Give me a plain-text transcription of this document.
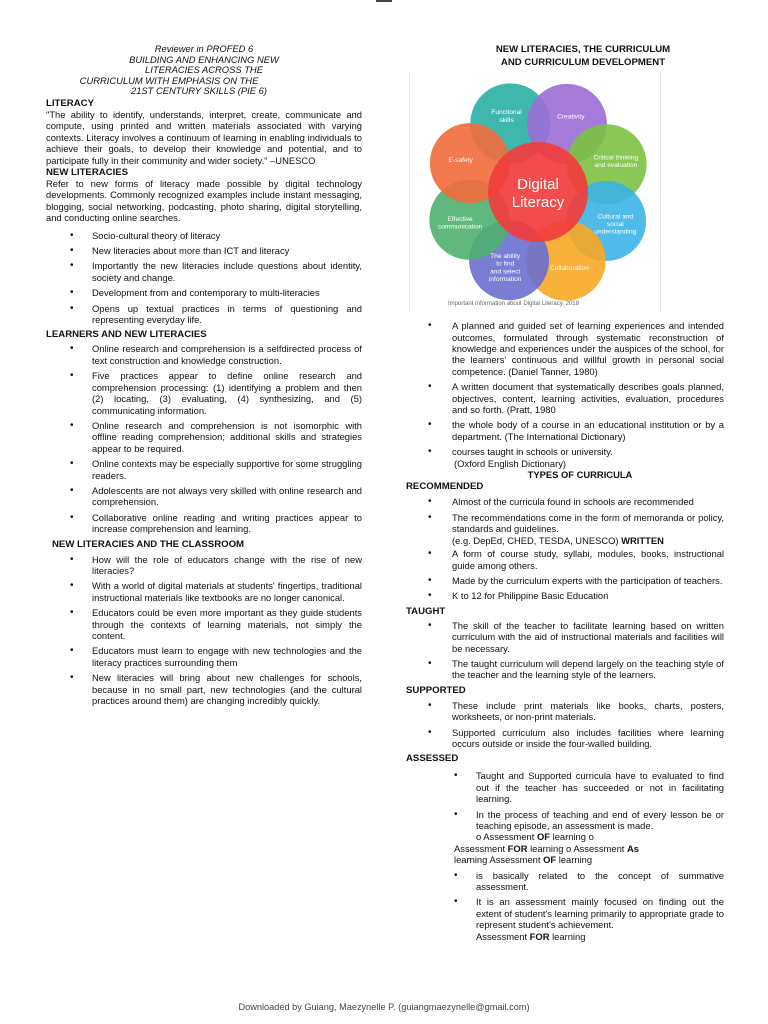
Reviewer in PROFED 6
BUILDING AND ENHANCING NEW
LITERACIES ACROSS THE
CURRICULUM WITH EMPHASIS ON THE
21ST CENTURY SKILLS (PIE 6)
LITERACY
"The ability to identify, understands, interpret, create, communicate and compute, using printed and written materials associated with varying contexts. Literacy involves a continuum of learning in enabling individuals to achieve their goals, to develop their knowledge and potential, and to participate fully in their community and wider society." –UNESCO
NEW LITERACIES
Refer to new forms of literacy made possible by digital technology developments. Commonly recognized examples include instant messaging, blogging, social networking, podcasting, photo sharing, digital storytelling, and conducting online searches.
• Socio-cultural theory of literacy
• New literacies about more than ICT and literacy
• Importantly the new literacies include questions about identity, society and change.
• Development from and contemporary to multi-literacies
• Opens up textual practices in terms of questioning and representing everyday life.
LEARNERS AND NEW LITERACIES
• Online research and comprehension is a selfdirected process of text construction and knowledge construction.
• Five practices appear to define online research and comprehension processing: (1) identifying a problem and then (2) locating, (3) evaluating, (4) synthesizing, and (5) communicating information.
• Online research and comprehension is not isomorphic with offline reading comprehension; additional skills and strategies appear to be required.
• Online contexts may be especially supportive for some struggling readers.
• Adolescents are not always very skilled with online research and comprehension.
• Collaborative online reading and writing practices appear to increase comprehension and learning.
NEW LITERACIES AND THE CLASSROOM
• How will the role of educators change with the rise of new literacies?
• With a world of digital materials at students' fingertips, traditional instructional materials like textbooks are no longer canonical.
• Educators could be even more important as they guide students through the contexts of learning materials, not simply the content.
• Educators must learn to engage with new technologies and the literacy practices surrounding them
• New literacies will bring about new challenges for schools, because in no small part, new technologies (and the cultural practices around them) are changing incredibly quickly.
NEW LITERACIES, THE CURRICULUM
AND CURRICULUM DEVELOPMENT
Functional skills	Creativity
Critical thinking and evaluation
Cultural and social understanding
Collaboration
The ability to find and select information
Effective communication
E-safety
Digital Literacy
Important Information about Digital Literacy, 2018
• A planned and guided set of learning experiences and intended outcomes, formulated through systematic reconstruction of knowledge and experiences under the auspices of the school, for the learners' continuous and willful growth in personal social competence. (Daniel Tanner, 1980)
• A written document that systematically describes goals planned, objectives, content, learning activities, evaluation, procedures and so forth. (Pratt, 1980
• the whole body of a course in an educational institution or by a department. (The International Dictionary)
• courses taught in schools or university.
(Oxford English Dictionary)
TYPES OF CURRICULA
RECOMMENDED
• Almost of the curricula found in schools are recommended
• The recommendations come in the form of memoranda or policy, standards and guidelines.
(e.g. DepEd, CHED, TESDA, UNESCO) WRITTEN
• A form of course study, syllabi, modules, books, instructional guide among others.
• Made by the curriculum experts with the participation of teachers.
• K to 12 for Philippine Basic Education
TAUGHT
• The skill of the teacher to facilitate learning based on written curriculum with the aid of instructional materials and facilities will be necessary.
• The taught curriculum will depend largely on the teaching style of the teacher and the learning style of the learners.
SUPPORTED
• These include print materials like books, charts, posters, worksheets, or non-print materials.
• Supported curriculum also includes facilities where learning occurs outside or inside the four-walled building.
ASSESSED
• Taught and Supported curricula have to evaluated to find out if the teacher has succeeded or not in facilitating learning.
• In the process of teaching and end of every lesson be or teaching episode, an assessment is made.
o Assessment OF learning o
Assessment FOR learning o Assessment As
learning Assessment OF learning
• is basically related to the concept of summative assessment.
• It is an assessment mainly focused on finding out the extent of student's learning primarily to appropriate grade to represent student's achievement.
Assessment FOR learning
Downloaded by Guiang, Maezynelle P. (guiangmaezynelle@gmail.com)
